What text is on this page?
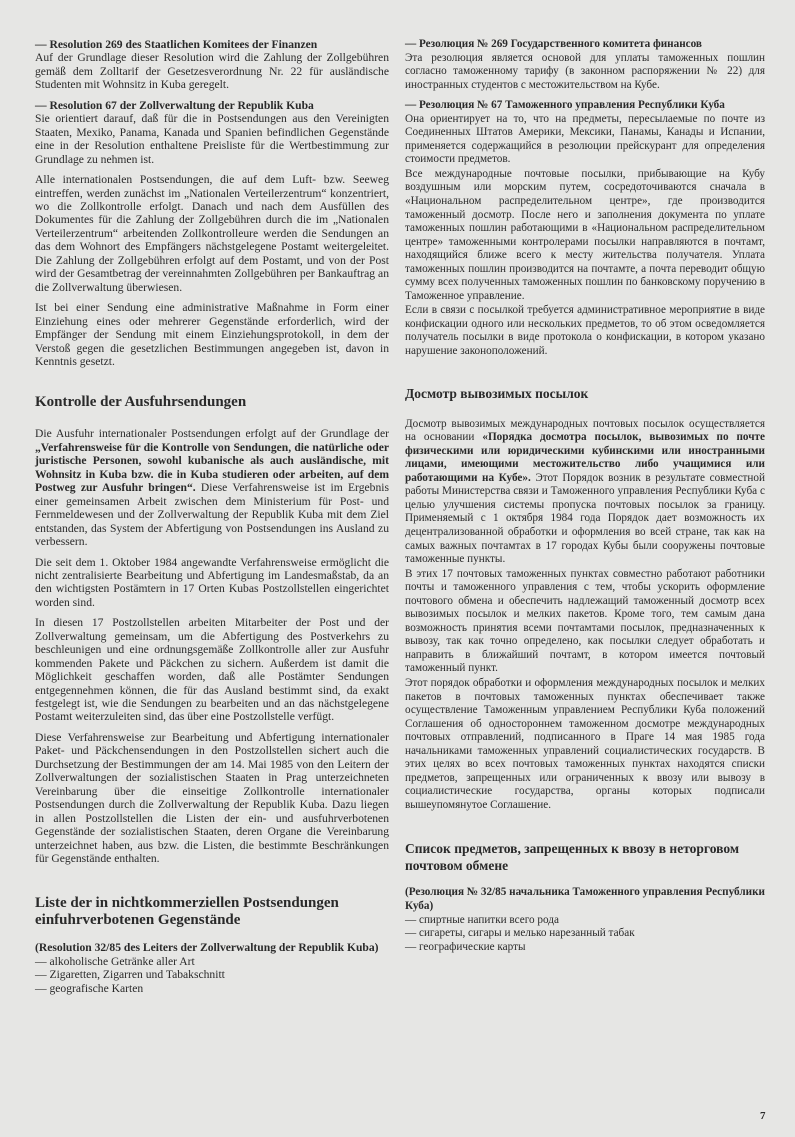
— Resolution 269 des Staatlichen Komitees der Finanzen

Auf der Grundlage dieser Resolution wird die Zahlung der Zollgebühren gemäß dem Zolltarif der Gesetzesverordnung Nr. 22 für ausländische Studenten mit Wohnsitz in Kuba geregelt.

— Resolution 67 der Zollverwaltung der Republik Kuba

Sie orientiert darauf, daß für die in Postsendungen aus den Vereinigten Staaten, Mexiko, Panama, Kanada und Spanien befindlichen Gegenstände eine in der Resolution enthaltene Preisliste für die Wertbestimmung zur Grundlage zu nehmen ist.

Alle internationalen Postsendungen, die auf dem Luft- bzw. Seeweg eintreffen, werden zunächst im „Nationalen Verteilerzentrum“ konzentriert, wo die Zollkontrolle erfolgt. Danach und nach dem Ausfüllen des Dokumentes für die Zahlung der Zollgebühren durch die im „Nationalen Verteilerzentrum“ arbeitenden Zollkontrolleure werden die Sendungen an das dem Wohnort des Empfängers nächstgelegene Postamt weitergeleitet. Die Zahlung der Zollgebühren erfolgt auf dem Postamt, und von der Post wird der Gesamtbetrag der vereinnahmten Zollgebühren per Bankauftrag an die Zollverwaltung überwiesen.

Ist bei einer Sendung eine administrative Maßnahme in Form einer Einziehung eines oder mehrerer Gegenstände erforderlich, wird der Empfänger der Sendung mit einem Einziehungsprotokoll, in dem der Verstoß gegen die gesetzlichen Bestimmungen angegeben ist, davon in Kenntnis gesetzt.

Kontrolle der Ausfuhrsendungen

Die Ausfuhr internationaler Postsendungen erfolgt auf der Grundlage der „Verfahrensweise für die Kontrolle von Sendungen, die natürliche oder juristische Personen, sowohl kubanische als auch ausländische, mit Wohnsitz in Kuba bzw. die in Kuba studieren oder arbeiten, auf dem Postweg zur Ausfuhr bringen“. Diese Verfahrensweise ist im Ergebnis einer gemeinsamen Arbeit zwischen dem Ministerium für Post- und Fernmeldewesen und der Zollverwaltung der Republik Kuba mit dem Ziel entstanden, das System der Abfertigung von Postsendungen ins Ausland zu verbessern.

Die seit dem 1. Oktober 1984 angewandte Verfahrensweise ermöglicht die nicht zentralisierte Bearbeitung und Abfertigung im Landesmaßstab, da an den wichtigsten Postämtern in 17 Orten Kubas Postzollstellen eingerichtet worden sind.

In diesen 17 Postzollstellen arbeiten Mitarbeiter der Post und der Zollverwaltung gemeinsam, um die Abfertigung des Postverkehrs zu beschleunigen und eine ordnungsgemäße Zollkontrolle aller zur Ausfuhr kommenden Pakete und Päckchen zu sichern. Außerdem ist damit die Möglichkeit geschaffen worden, daß alle Postämter Sendungen entgegennehmen können, die für das Ausland bestimmt sind, da exakt festgelegt ist, wie die Sendungen zu bearbeiten und an das nächstgelegene Postamt weiterzuleiten sind, das über eine Postzollstelle verfügt.

Diese Verfahrensweise zur Bearbeitung und Abfertigung internationaler Paket- und Päckchensendungen in den Postzollstellen sichert auch die Durchsetzung der Bestimmungen der am 14. Mai 1985 von den Leitern der Zollverwaltungen der sozialistischen Staaten in Prag unterzeichneten Vereinbarung über die einseitige Zollkontrolle internationaler Postsendungen durch die Zollverwaltung der Republik Kuba. Dazu liegen in allen Postzollstellen die Listen der ein- und ausfuhrverbotenen Gegenstände der sozialistischen Staaten, deren Organe die Vereinbarung unterzeichnet haben, aus bzw. die Listen, die bestimmte Beschränkungen für Gegenstände enthalten.

Liste der in nichtkommerziellen Postsendungen einfuhrverbotenen Gegenstände

(Resolution 32/85 des Leiters der Zollverwaltung der Republik Kuba)

— alkoholische Getränke aller Art
— Zigaretten, Zigarren und Tabakschnitt
— geografische Karten

— Резолюция № 269 Государственного комитета финансов

Эта резолюция является основой для уплаты таможенных пошлин согласно таможенному тарифу (в законном распоряжении № 22) для иностранных студентов с местожительством на Кубе.

— Резолюция № 67 Таможенного управления Республики Куба

Она ориентирует на то, что на предметы, пересылаемые по почте из Соединенных Штатов Америки, Мексики, Панамы, Канады и Испании, применяется содержащийся в резолюции прейскурант для определения стоимости предметов.

Все международные почтовые посылки, прибывающие на Кубу воздушным или морским путем, сосредоточиваются сначала в «Национальном распределительном центре», где производится таможенный досмотр. После него и заполнения документа по уплате таможенных пошлин работающими в «Национальном распределительном центре» таможенными контролерами посылки направляются в почтамт, находящийся ближе всего к месту жительства получателя. Уплата таможенных пошлин производится на почтамте, а почта переводит общую сумму всех полученных таможенных пошлин по банковскому поручению в Таможенное управление.

Если в связи с посылкой требуется административное мероприятие в виде конфискации одного или нескольких предметов, то об этом осведомляется получатель посылки в виде протокола о конфискации, в котором указано нарушение законоположений.

Досмотр вывозимых посылок

Досмотр вывозимых международных почтовых посылок осуществляется на основании «Порядка досмотра посылок, вывозимых по почте физическими или юридическими кубинскими или иностранными лицами, имеющими местожительство либо учащимися или работающими на Кубе». Этот Порядок возник в результате совместной работы Министерства связи и Таможенного управления Республики Куба с целью улучшения системы пропуска почтовых посылок за границу. Применяемый с 1 октября 1984 года Порядок дает возможность их децентрализованной обработки и оформления во всей стране, так как на самых важных почтамтах в 17 городах Кубы были сооружены почтовые таможенные пункты.

В этих 17 почтовых таможенных пунктах совместно работают работники почты и таможенного управления с тем, чтобы ускорить оформление почтового обмена и обеспечить надлежащий таможенный досмотр всех вывозимых посылок и мелких пакетов. Кроме того, тем самым дана возможность принятия всеми почтамтами посылок, предназначенных к вывозу, так как точно определено, как посылки следует обработать и направить в ближайший почтамт, в котором имеется почтовый таможенный пункт.

Этот порядок обработки и оформления международных посылок и мелких пакетов в почтовых таможенных пунктах обеспечивает также осуществление Таможенным управлением Республики Куба положений Соглашения об одностороннем таможенном досмотре международных почтовых отправлений, подписанного в Праге 14 мая 1985 года начальниками таможенных управлений социалистических государств. В этих целях во всех почтовых таможенных пунктах находятся списки предметов, запрещенных или ограниченных к ввозу или вывозу в социалистические государства, органы которых подписали вышеупомянутое Соглашение.

Список предметов, запрещенных к ввозу в неторговом почтовом обмене

(Резолюция № 32/85 начальника Таможенного управления Республики Куба)

— спиртные напитки всего рода
— сигареты, сигары и мелько нарезанный табак
— географические карты
7
